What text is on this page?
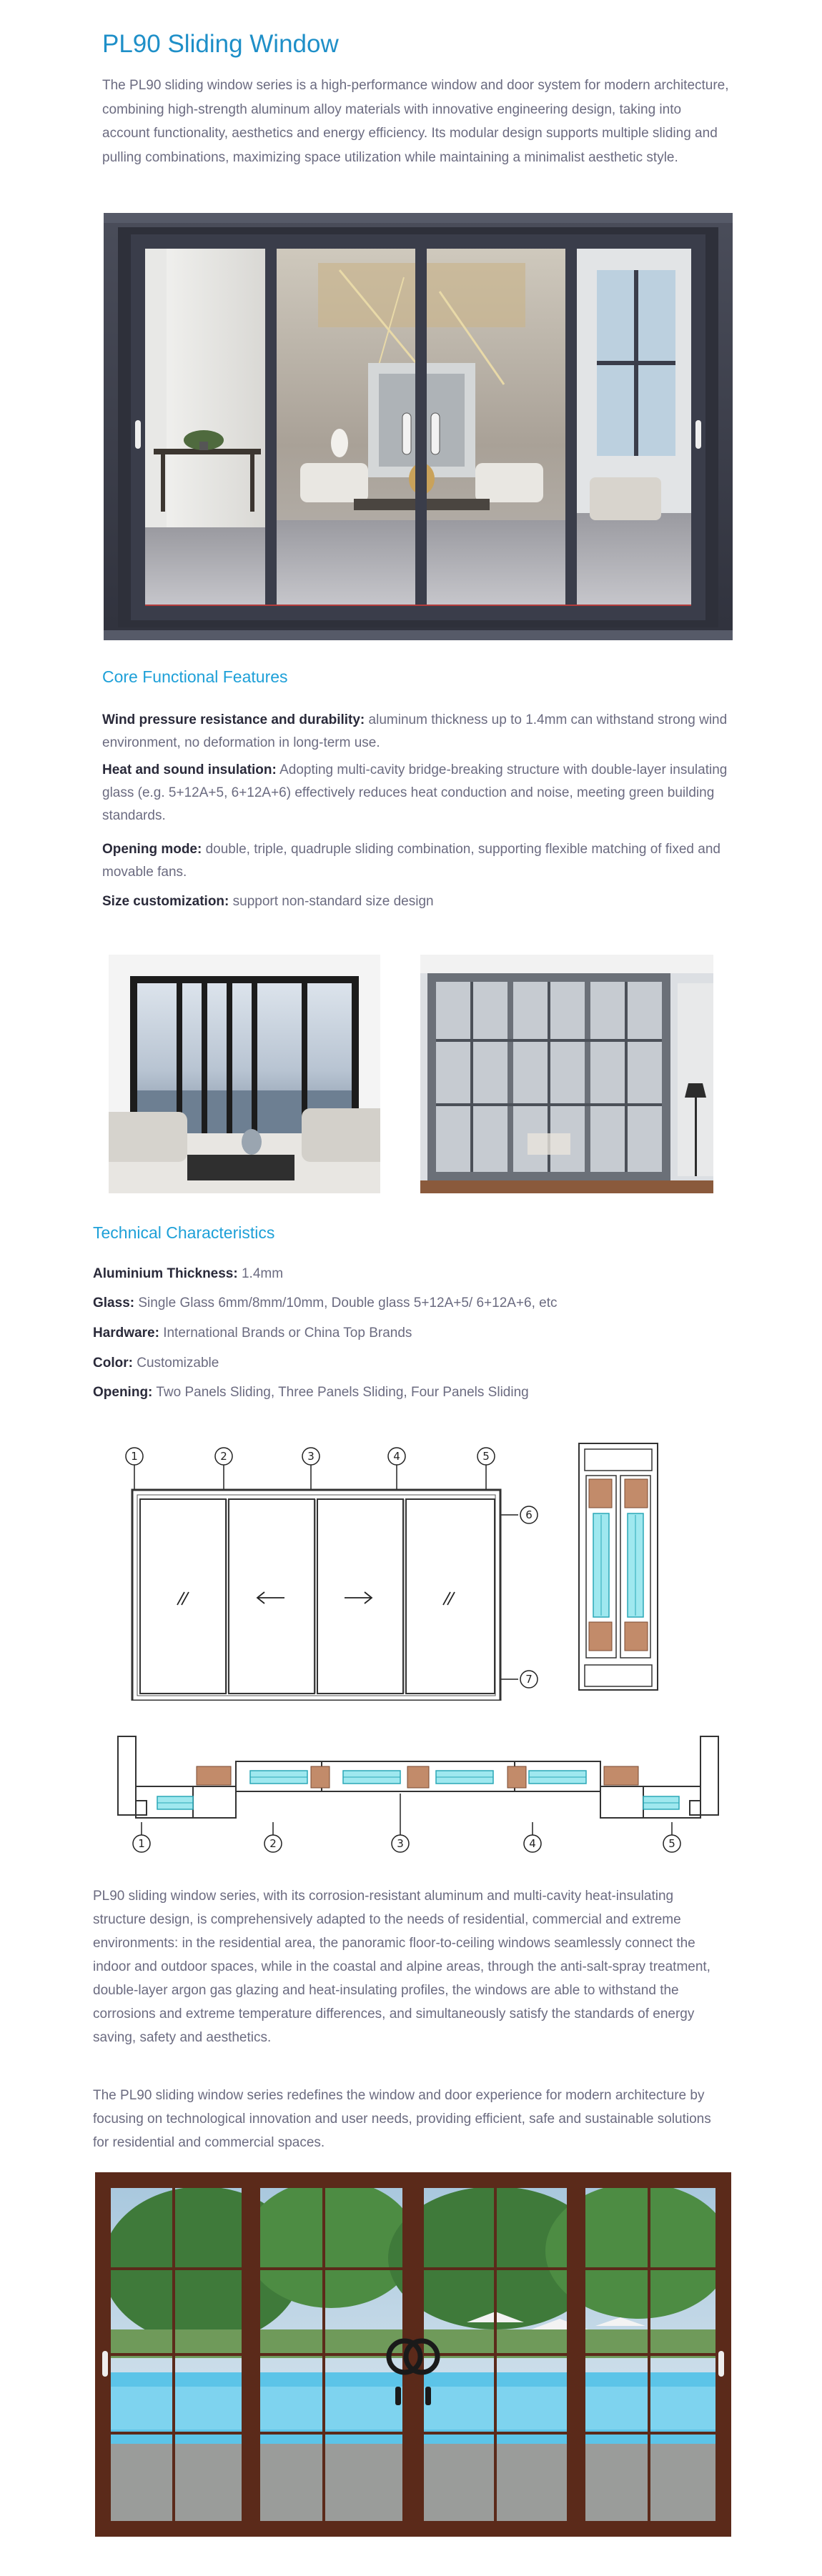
PL90 Sliding Window

The PL90 sliding window series is a high-performance window and door system for modern architecture, combining high-strength aluminum alloy materials with innovative engineering design, taking into account functionality, aesthetics and energy efficiency. Its modular design supports multiple sliding and pulling combinations, maximizing space utilization while maintaining a minimalist aesthetic style.

Core Functional Features

Wind pressure resistance and durability: aluminum thickness up to 1.4mm can withstand strong wind environment, no deformation in long-term use.

Heat and sound insulation: Adopting multi-cavity bridge-breaking structure with double-layer insulating glass (e.g. 5+12A+5, 6+12A+6) effectively reduces heat conduction and noise, meeting green building standards.

Opening mode: double, triple, quadruple sliding combination, supporting flexible matching of fixed and movable fans.

Size customization: support non-standard size design

Technical Characteristics

Aluminium Thickness: 1.4mm

Glass: Single Glass 6mm/8mm/10mm, Double glass 5+12A+5/ 6+12A+6, etc

Hardware: International Brands or China Top Brands

Color: Customizable

Opening: Two Panels Sliding, Three Panels Sliding, Four Panels Sliding

1	2	3	4	5
6
7
1	2	3	4	5

PL90 sliding window series, with its corrosion-resistant aluminum and multi-cavity heat-insulating structure design, is comprehensively adapted to the needs of residential, commercial and extreme environments: in the residential area, the panoramic floor-to-ceiling windows seamlessly connect the indoor and outdoor spaces, while in the coastal and alpine areas, through the anti-salt-spray treatment, double-layer argon gas glazing and heat-insulating profiles, the windows are able to withstand the corrosions and extreme temperature differences, and simultaneously satisfy the standards of energy saving, safety and aesthetics.

The PL90 sliding window series redefines the window and door experience for modern architecture by focusing on technological innovation and user needs, providing efficient, safe and sustainable solutions for residential and commercial spaces.
